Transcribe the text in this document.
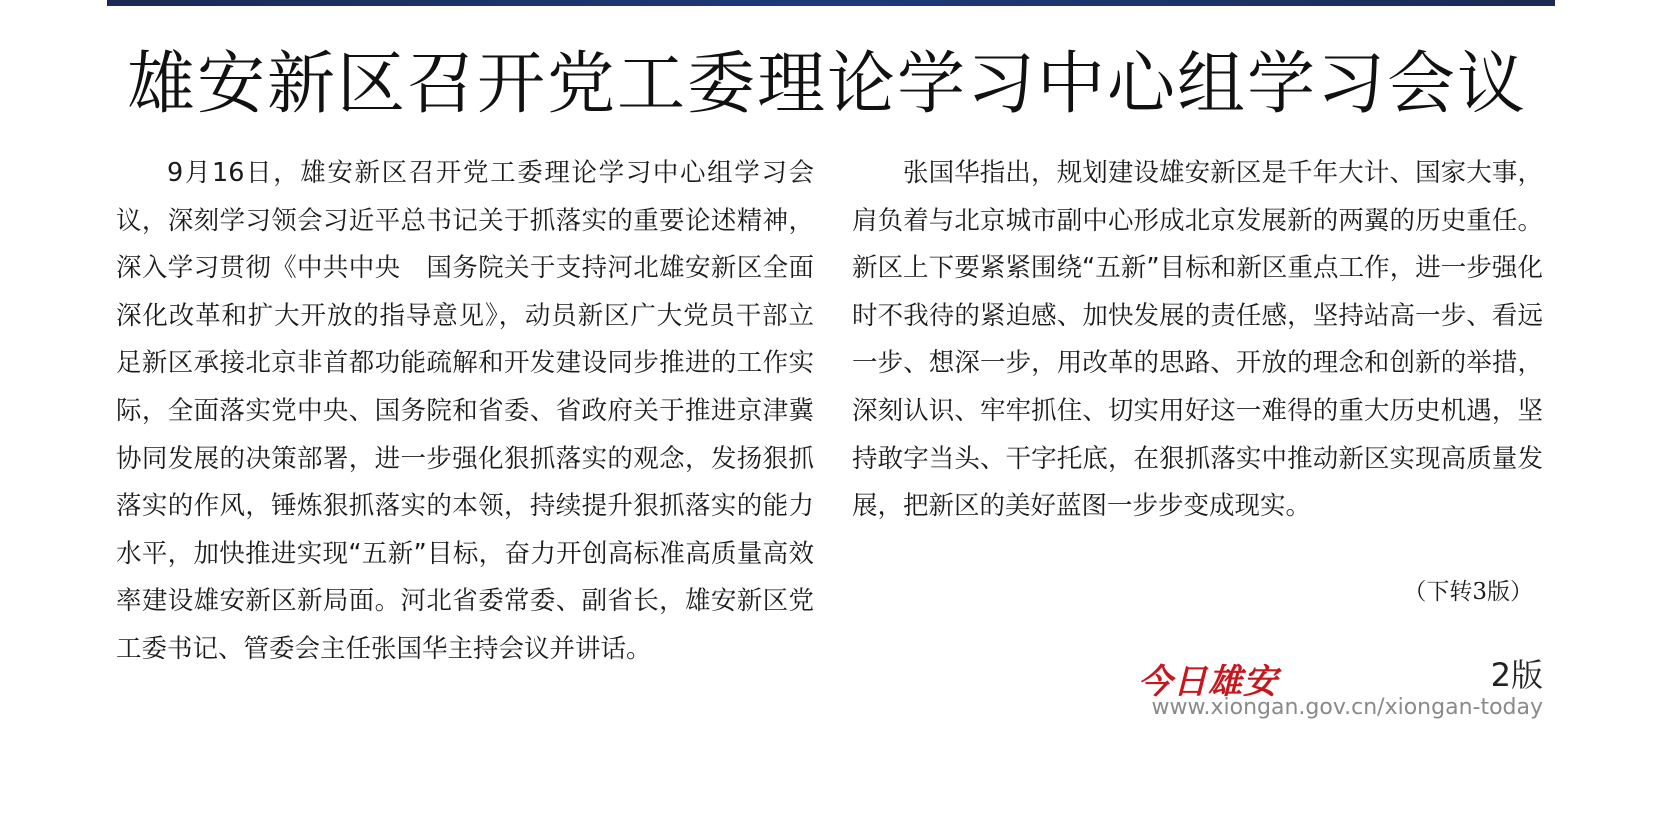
雄安新区召开党工委理论学习中心组学习会议

9月16日，雄安新区召开党工委理论学习中心组学习会议，深刻学习领会习近平总书记关于抓落实的重要论述精神，深入学习贯彻《中共中央　国务院关于支持河北雄安新区全面深化改革和扩大开放的指导意见》，动员新区广大党员干部立足新区承接北京非首都功能疏解和开发建设同步推进的工作实际，全面落实党中央、国务院和省委、省政府关于推进京津冀协同发展的决策部署，进一步强化狠抓落实的观念，发扬狠抓落实的作风，锤炼狠抓落实的本领，持续提升狠抓落实的能力水平，加快推进实现“五新”目标，奋力开创高标准高质量高效率建设雄安新区新局面。河北省委常委、副省长，雄安新区党工委书记、管委会主任张国华主持会议并讲话。

张国华指出，规划建设雄安新区是千年大计、国家大事，肩负着与北京城市副中心形成北京发展新的两翼的历史重任。新区上下要紧紧围绕“五新”目标和新区重点工作，进一步强化时不我待的紧迫感、加快发展的责任感，坚持站高一步、看远一步、想深一步，用改革的思路、开放的理念和创新的举措，深刻认识、牢牢抓住、切实用好这一难得的重大历史机遇，坚持敢字当头、干字托底，在狠抓落实中推动新区实现高质量发展，把新区的美好蓝图一步步变成现实。

（下转3版）
今日雄安	2版
www.xiongan.gov.cn/xiongan-today
